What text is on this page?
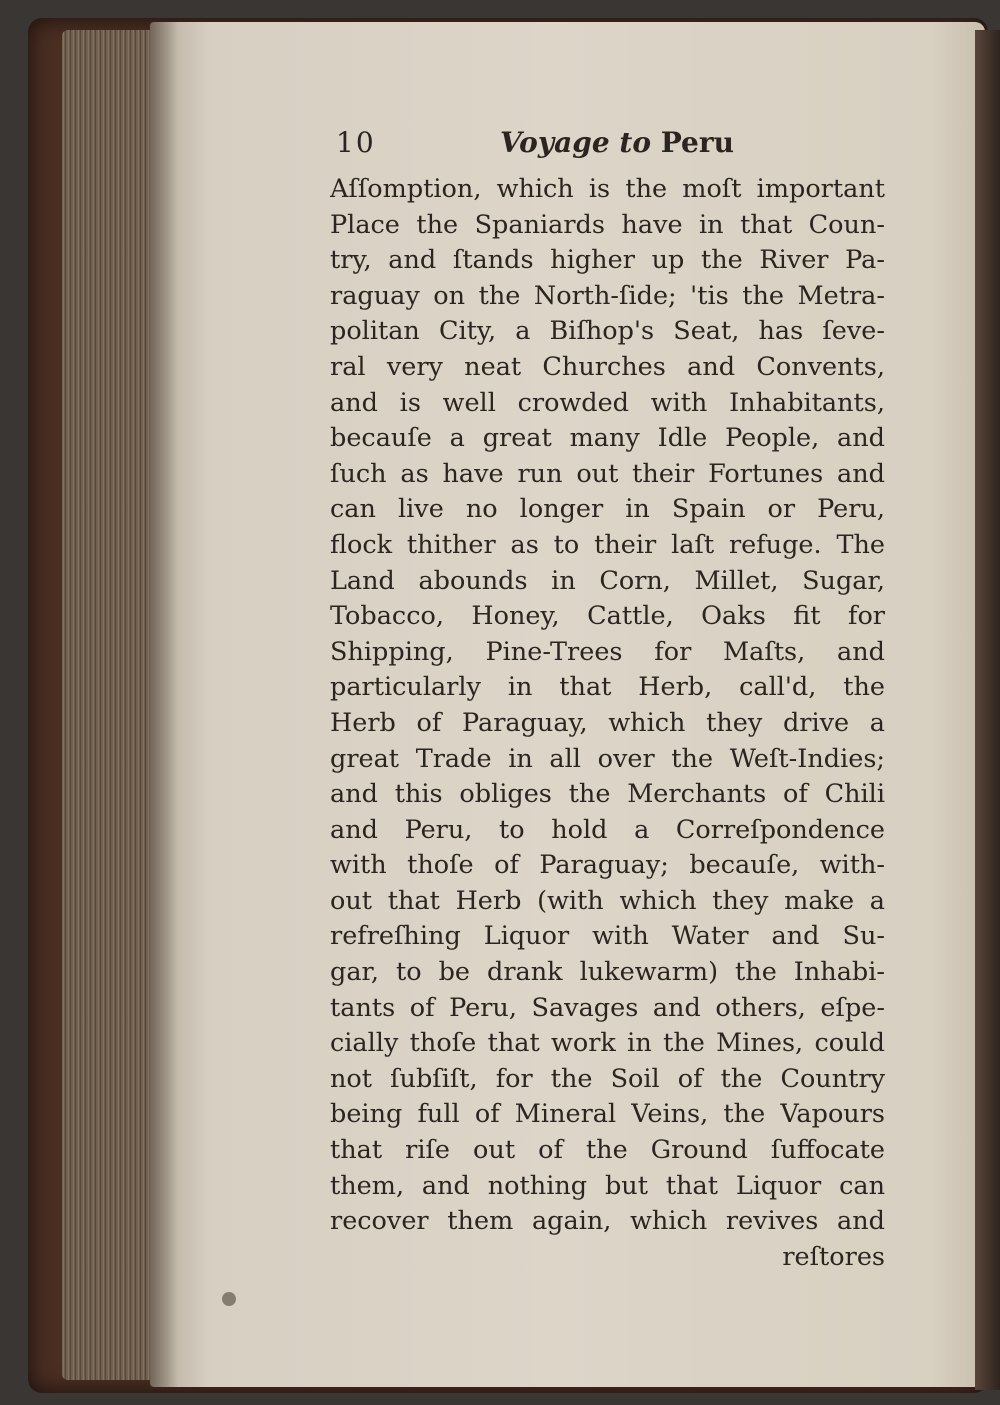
10	Voyage to Peru
Aſſomption, which is the moſt important
Place the Spaniards have in that Coun-
try, and ſtands higher up the River Pa-
raguay on the North-ſide; 'tis the Metra-
politan City, a Biſhop's Seat, has ſeve-
ral very neat Churches and Convents,
and is well crowded with Inhabitants,
becauſe a great many Idle People, and
ſuch as have run out their Fortunes and
can live no longer in Spain or Peru,
flock thither as to their laſt refuge. The
Land abounds in Corn, Millet, Sugar,
Tobacco, Honey, Cattle, Oaks fit for
Shipping, Pine-Trees for Maſts, and
particularly in that Herb, call'd, the
Herb of Paraguay, which they drive a
great Trade in all over the Weſt-Indies;
and this obliges the Merchants of Chili
and Peru, to hold a Correſpondence
with thoſe of Paraguay; becauſe, with-
out that Herb (with which they make a
refreſhing Liquor with Water and Su-
gar, to be drank lukewarm) the Inhabi-
tants of Peru, Savages and others, eſpe-
cially thoſe that work in the Mines, could
not ſubſiſt, for the Soil of the Country
being full of Mineral Veins, the Vapours
that riſe out of the Ground ſuffocate
them, and nothing but that Liquor can
recover them again, which revives and
reſtores
